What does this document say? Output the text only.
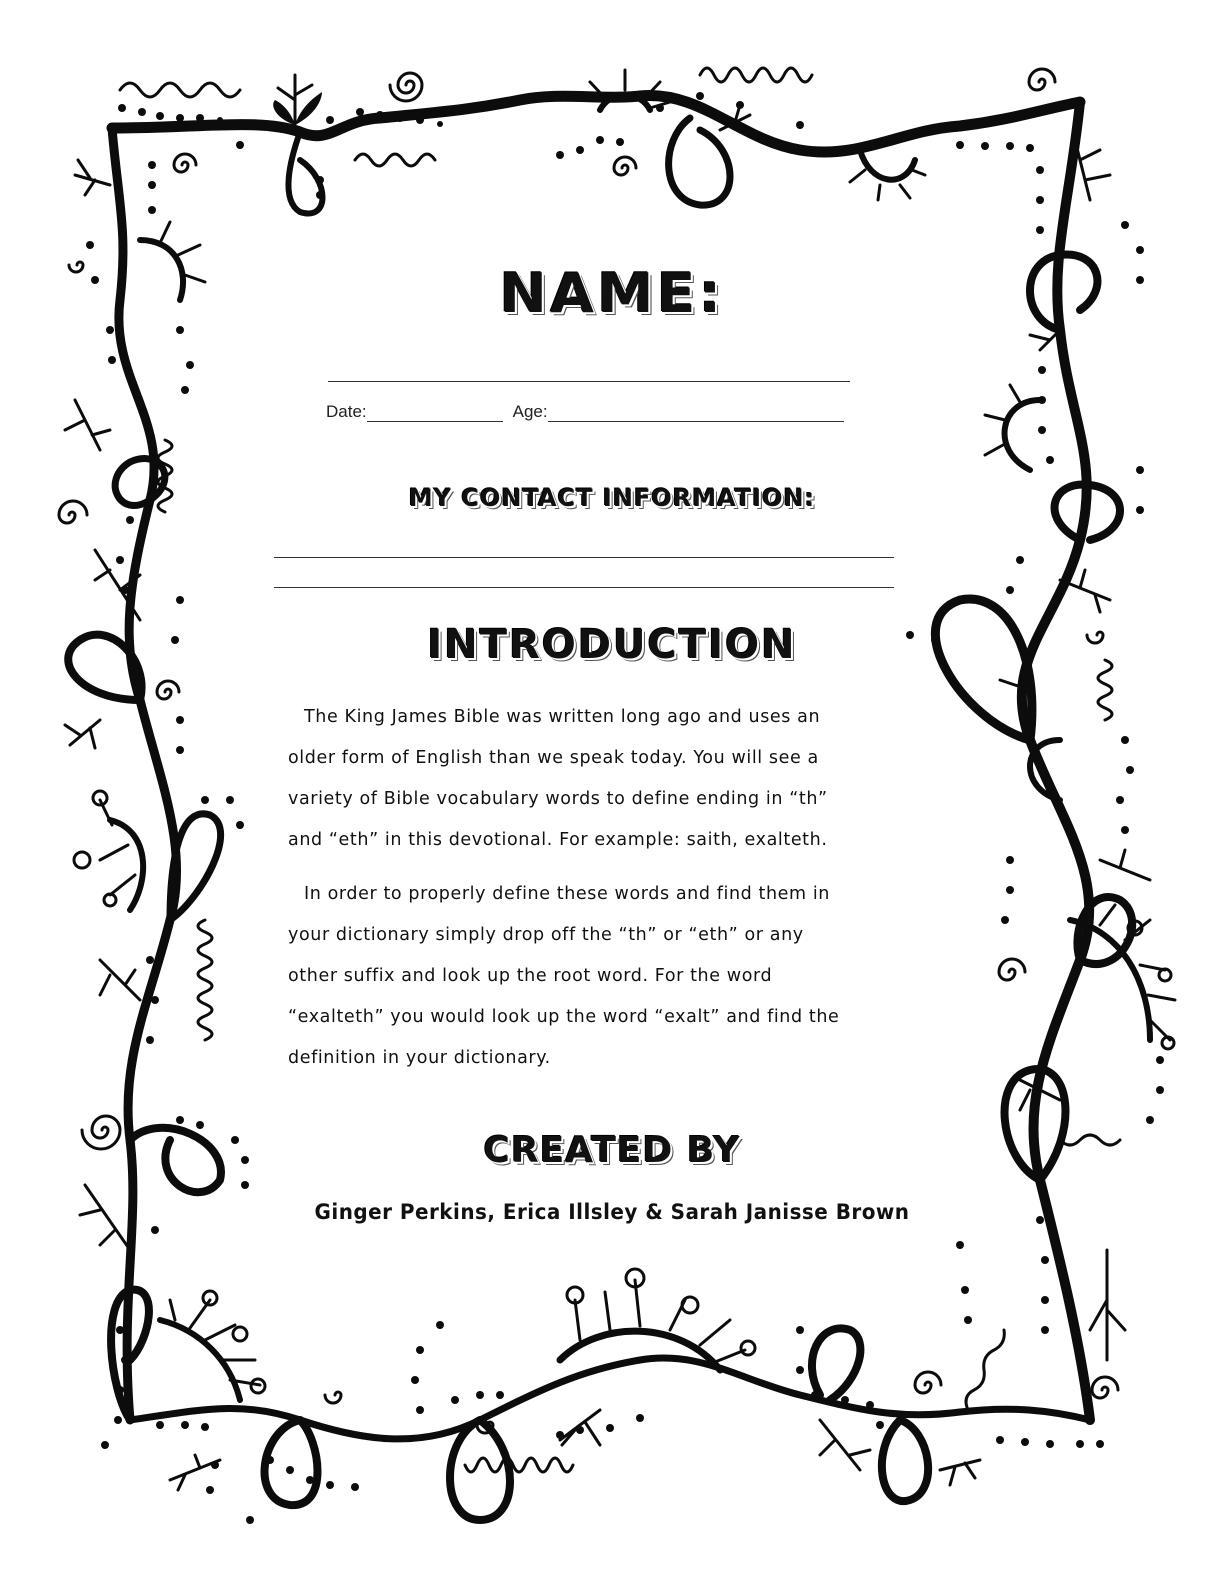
NAME:
Date:	Age:
MY CONTACT INFORMATION:
INTRODUCTION

The King James Bible was written long ago and uses an

older form of English than we speak today. You will see a

variety of Bible vocabulary words to define ending in “th”

and “eth” in this devotional. For example: saith, exalteth.

In order to properly define these words and find them in

your dictionary simply drop off the “th” or “eth” or any

other suffix and look up the root word. For the word

“exalteth” you would look up the word “exalt” and find the

definition in your dictionary.

CREATED BY
Ginger Perkins, Erica Illsley & Sarah Janisse Brown
